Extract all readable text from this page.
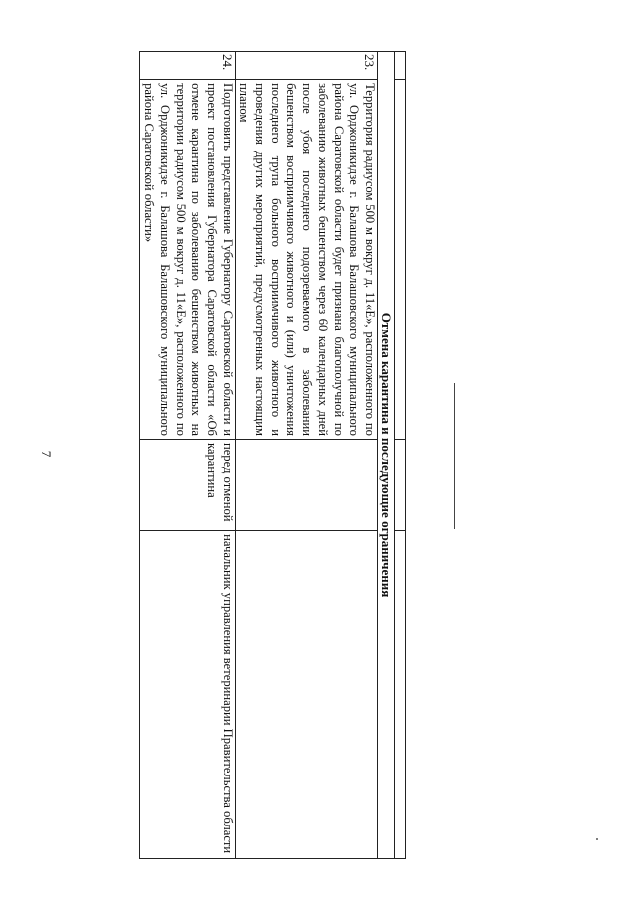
7
				Отмена карантина и последующие ограничения			
23.	Территория радиусом 500 м вокруг д. 11«Е», расположенного по ул. Орджоникидзе г. Балашова Балашовского муниципального района Саратовской области будет признана благополучной по заболеванию животных бешенством через 60 календарных дней после убоя последнего подозреваемого в заболевании бешенством восприимчивого животного и (или) уничтожения последнего трупа больного восприимчивого животного и проведения других мероприятий, предусмотренных настоящим планом		
24.	Подготовить представление Губернатору Саратовской области и проект постановления Губернатора Саратовской области «Об отмене карантина по заболеванию бешенством животных на территории радиусом 500 м вокруг д. 11«Е», расположенного по ул. Орджоникидзе г. Балашова Балашовского муниципального района Саратовской области»	перед отменой карантина	начальник управления ветеринарии Правительства области
